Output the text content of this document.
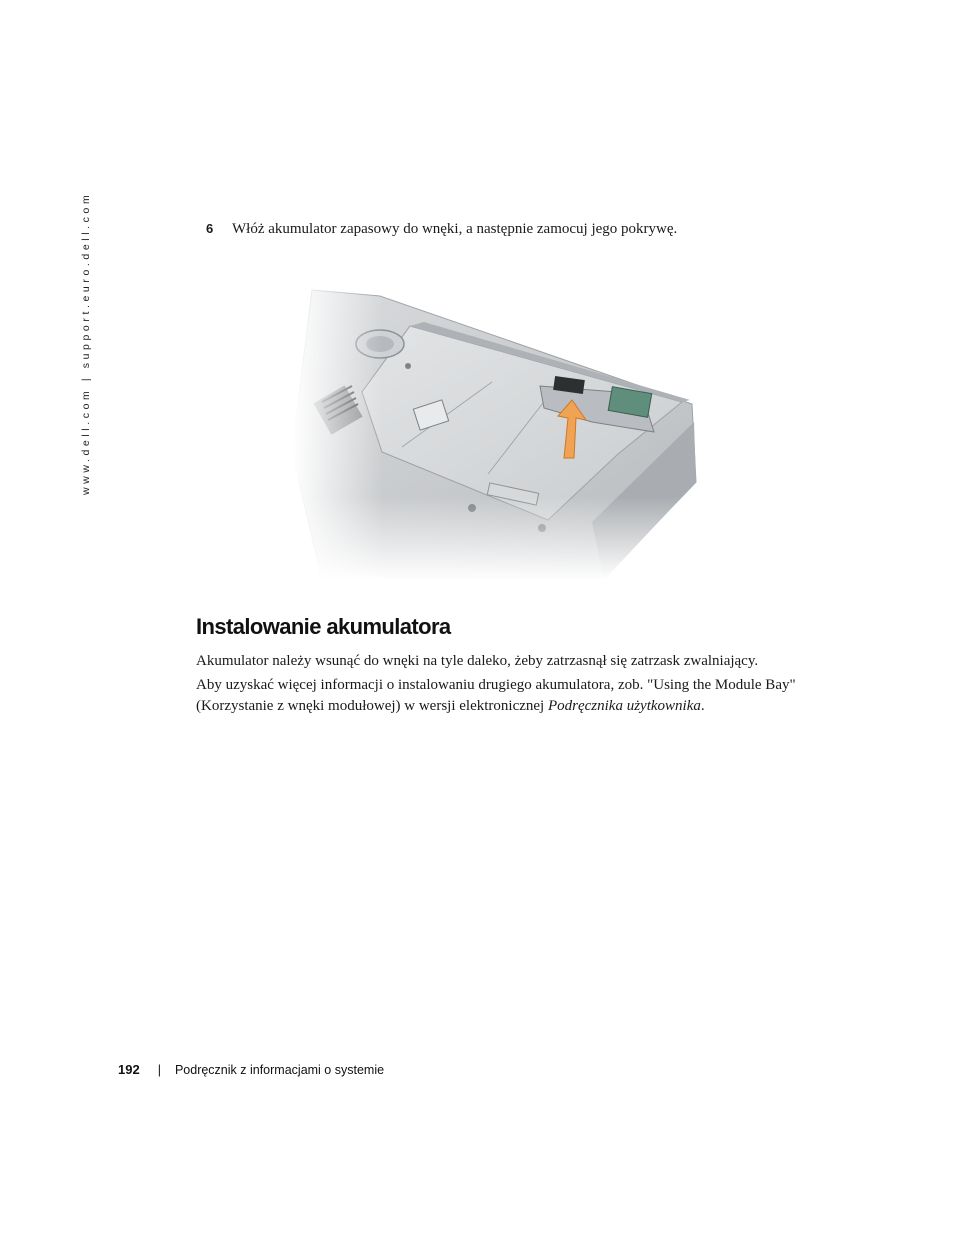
www.dell.com | support.euro.dell.com	6 Włóż akumulator zapasowy do wnęki, a następnie zamocuj jego pokrywę.
Instalowanie akumulatora

Akumulator należy wsunąć do wnęki na tyle daleko, żeby zatrzasnął się zatrzask zwalniający.

Aby uzyskać więcej informacji o instalowaniu drugiego akumulatora, zob. "Using the Module Bay" (Korzystanie z wnęki modułowej) w wersji elektronicznej Podręcznika użytkownika.

192 | Podręcznik z informacjami o systemie
